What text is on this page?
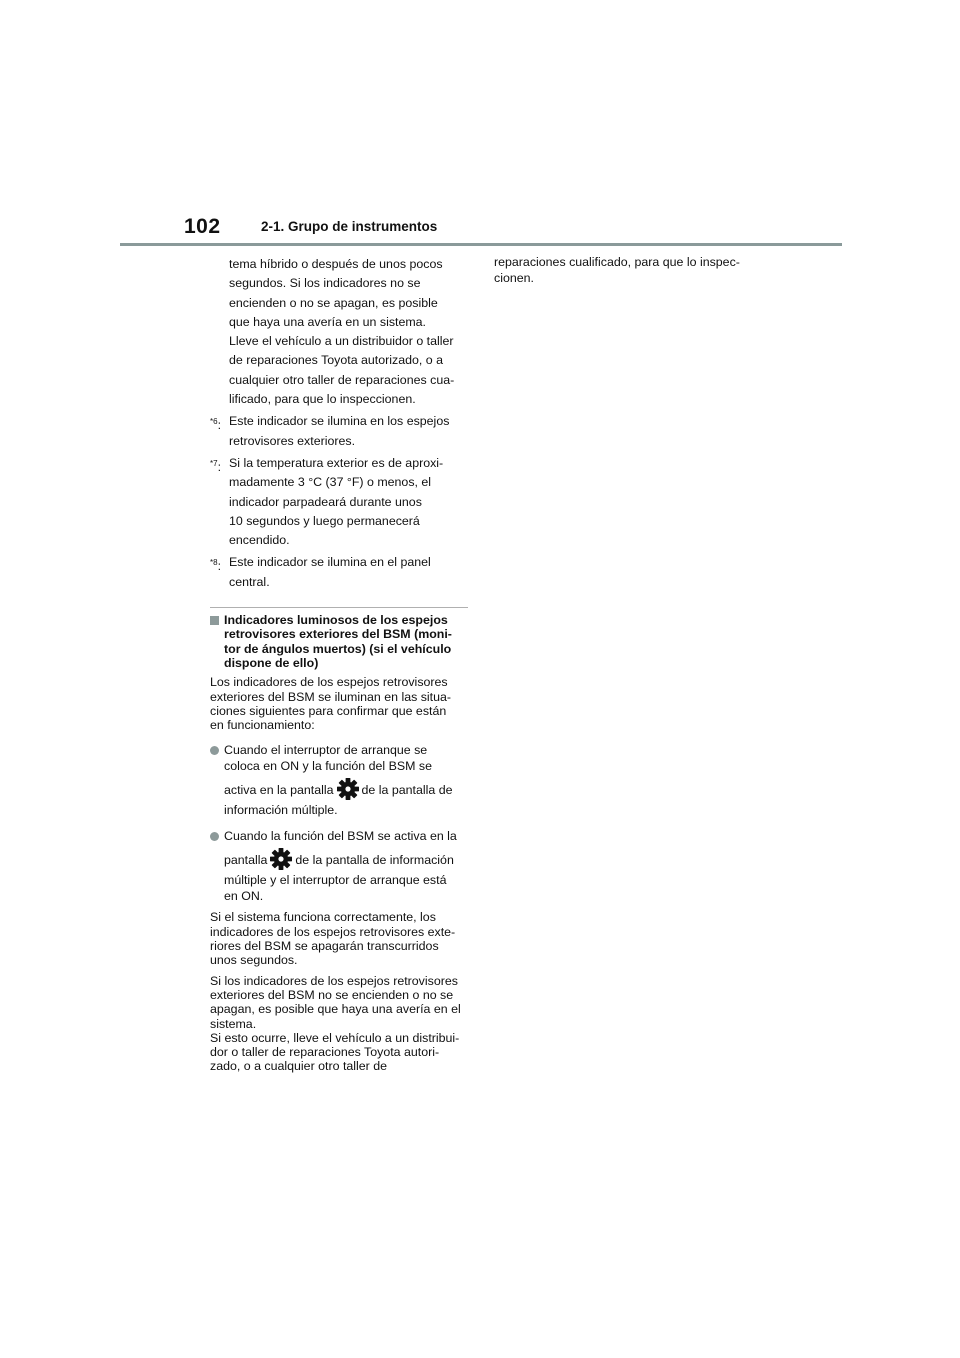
102	2-1. Grupo de instrumentos
tema híbrido o después de unos pocos
segundos. Si los indicadores no se
encienden o no se apagan, es posible
que haya una avería en un sistema.
Lleve el vehículo a un distribuidor o taller
de reparaciones Toyota autorizado, o a
cualquier otro taller de reparaciones cua-
lificado, para que lo inspeccionen.
$^{*6}$: Este indicador se ilumina en los espejos
retrovisores exteriores.
$^{*7}$: Si la temperatura exterior es de aproxi-
madamente 3 °C (37 °F) o menos, el
indicador parpadeará durante unos
10 segundos y luego permanecerá
encendido.
$^{*8}$: Este indicador se ilumina en el panel
central.
Indicadores luminosos de los espejos
retrovisores exteriores del BSM (moni-
tor de ángulos muertos) (si el vehículo
dispone de ello)
Los indicadores de los espejos retrovisores
exteriores del BSM se iluminan en las situa-
ciones siguientes para confirmar que están
en funcionamiento:
Cuando el interruptor de arranque se
coloca en ON y la función del BSM se
activa en la pantalla de la pantalla de
información múltiple.
Cuando la función del BSM se activa en la
pantalla de la pantalla de información
múltiple y el interruptor de arranque está
en ON.
Si el sistema funciona correctamente, los
indicadores de los espejos retrovisores exte-
riores del BSM se apagarán transcurridos
unos segundos.
Si los indicadores de los espejos retrovisores
exteriores del BSM no se encienden o no se
apagan, es posible que haya una avería en el
sistema.
Si esto ocurre, lleve el vehículo a un distribui-
dor o taller de reparaciones Toyota autori-
zado, o a cualquier otro taller de
reparaciones cualificado, para que lo inspec-
cionen.
